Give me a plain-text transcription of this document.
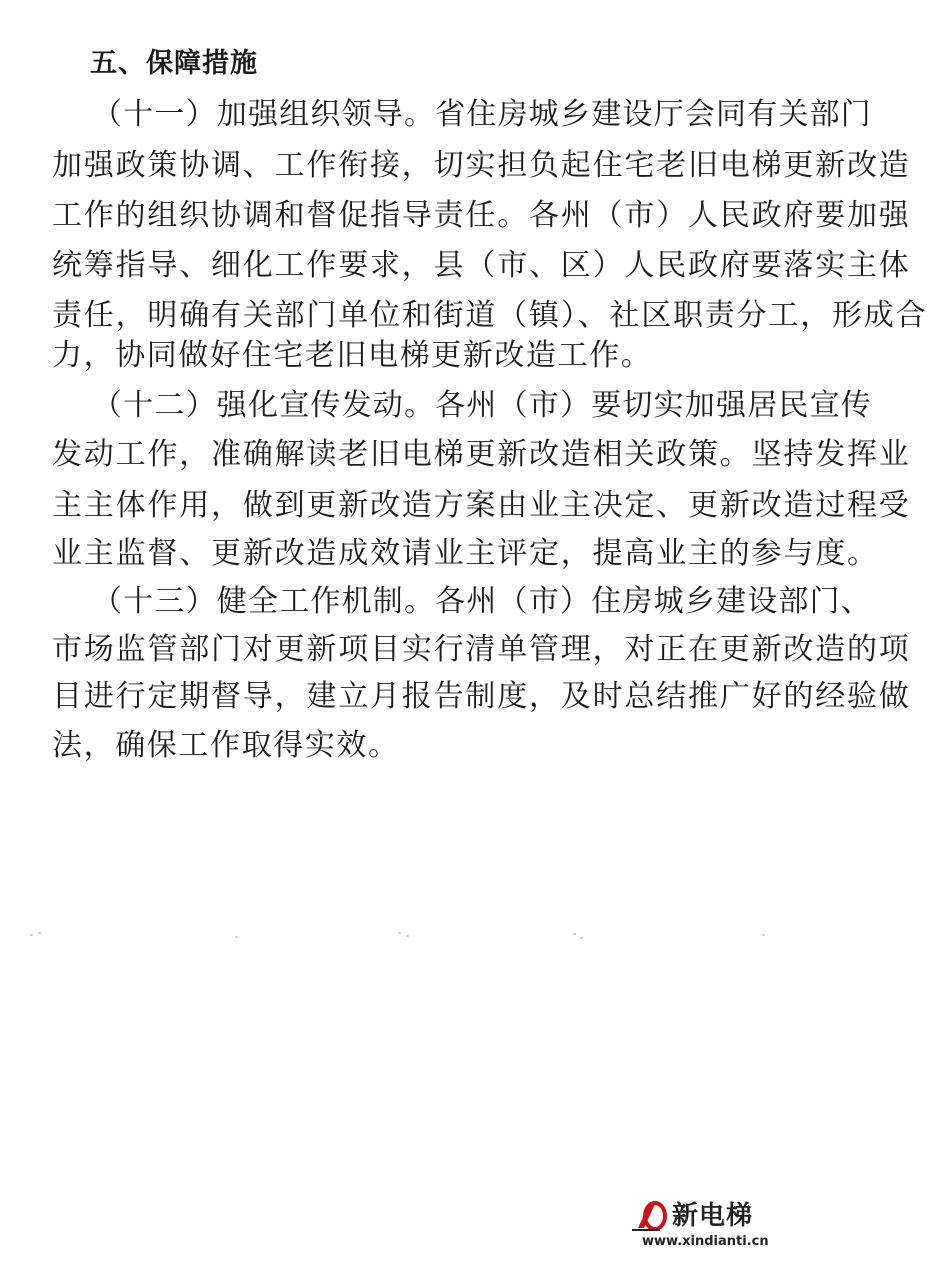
五、保障措施
（十一）加强组织领导。省住房城乡建设厅会同有关部门
加强政策协调、工作衔接，切实担负起住宅老旧电梯更新改造
工作的组织协调和督促指导责任。各州（市）人民政府要加强
统筹指导、细化工作要求，县（市、区）人民政府要落实主体
责任，明确有关部门单位和街道（镇）、社区职责分工，形成合
力，协同做好住宅老旧电梯更新改造工作。
（十二）强化宣传发动。各州（市）要切实加强居民宣传
发动工作，准确解读老旧电梯更新改造相关政策。坚持发挥业
主主体作用，做到更新改造方案由业主决定、更新改造过程受
业主监督、更新改造成效请业主评定，提高业主的参与度。
（十三）健全工作机制。各州（市）住房城乡建设部门、
市场监管部门对更新项目实行清单管理，对正在更新改造的项
目进行定期督导，建立月报告制度，及时总结推广好的经验做
法，确保工作取得实效。
新电梯
www.xindianti.cn
